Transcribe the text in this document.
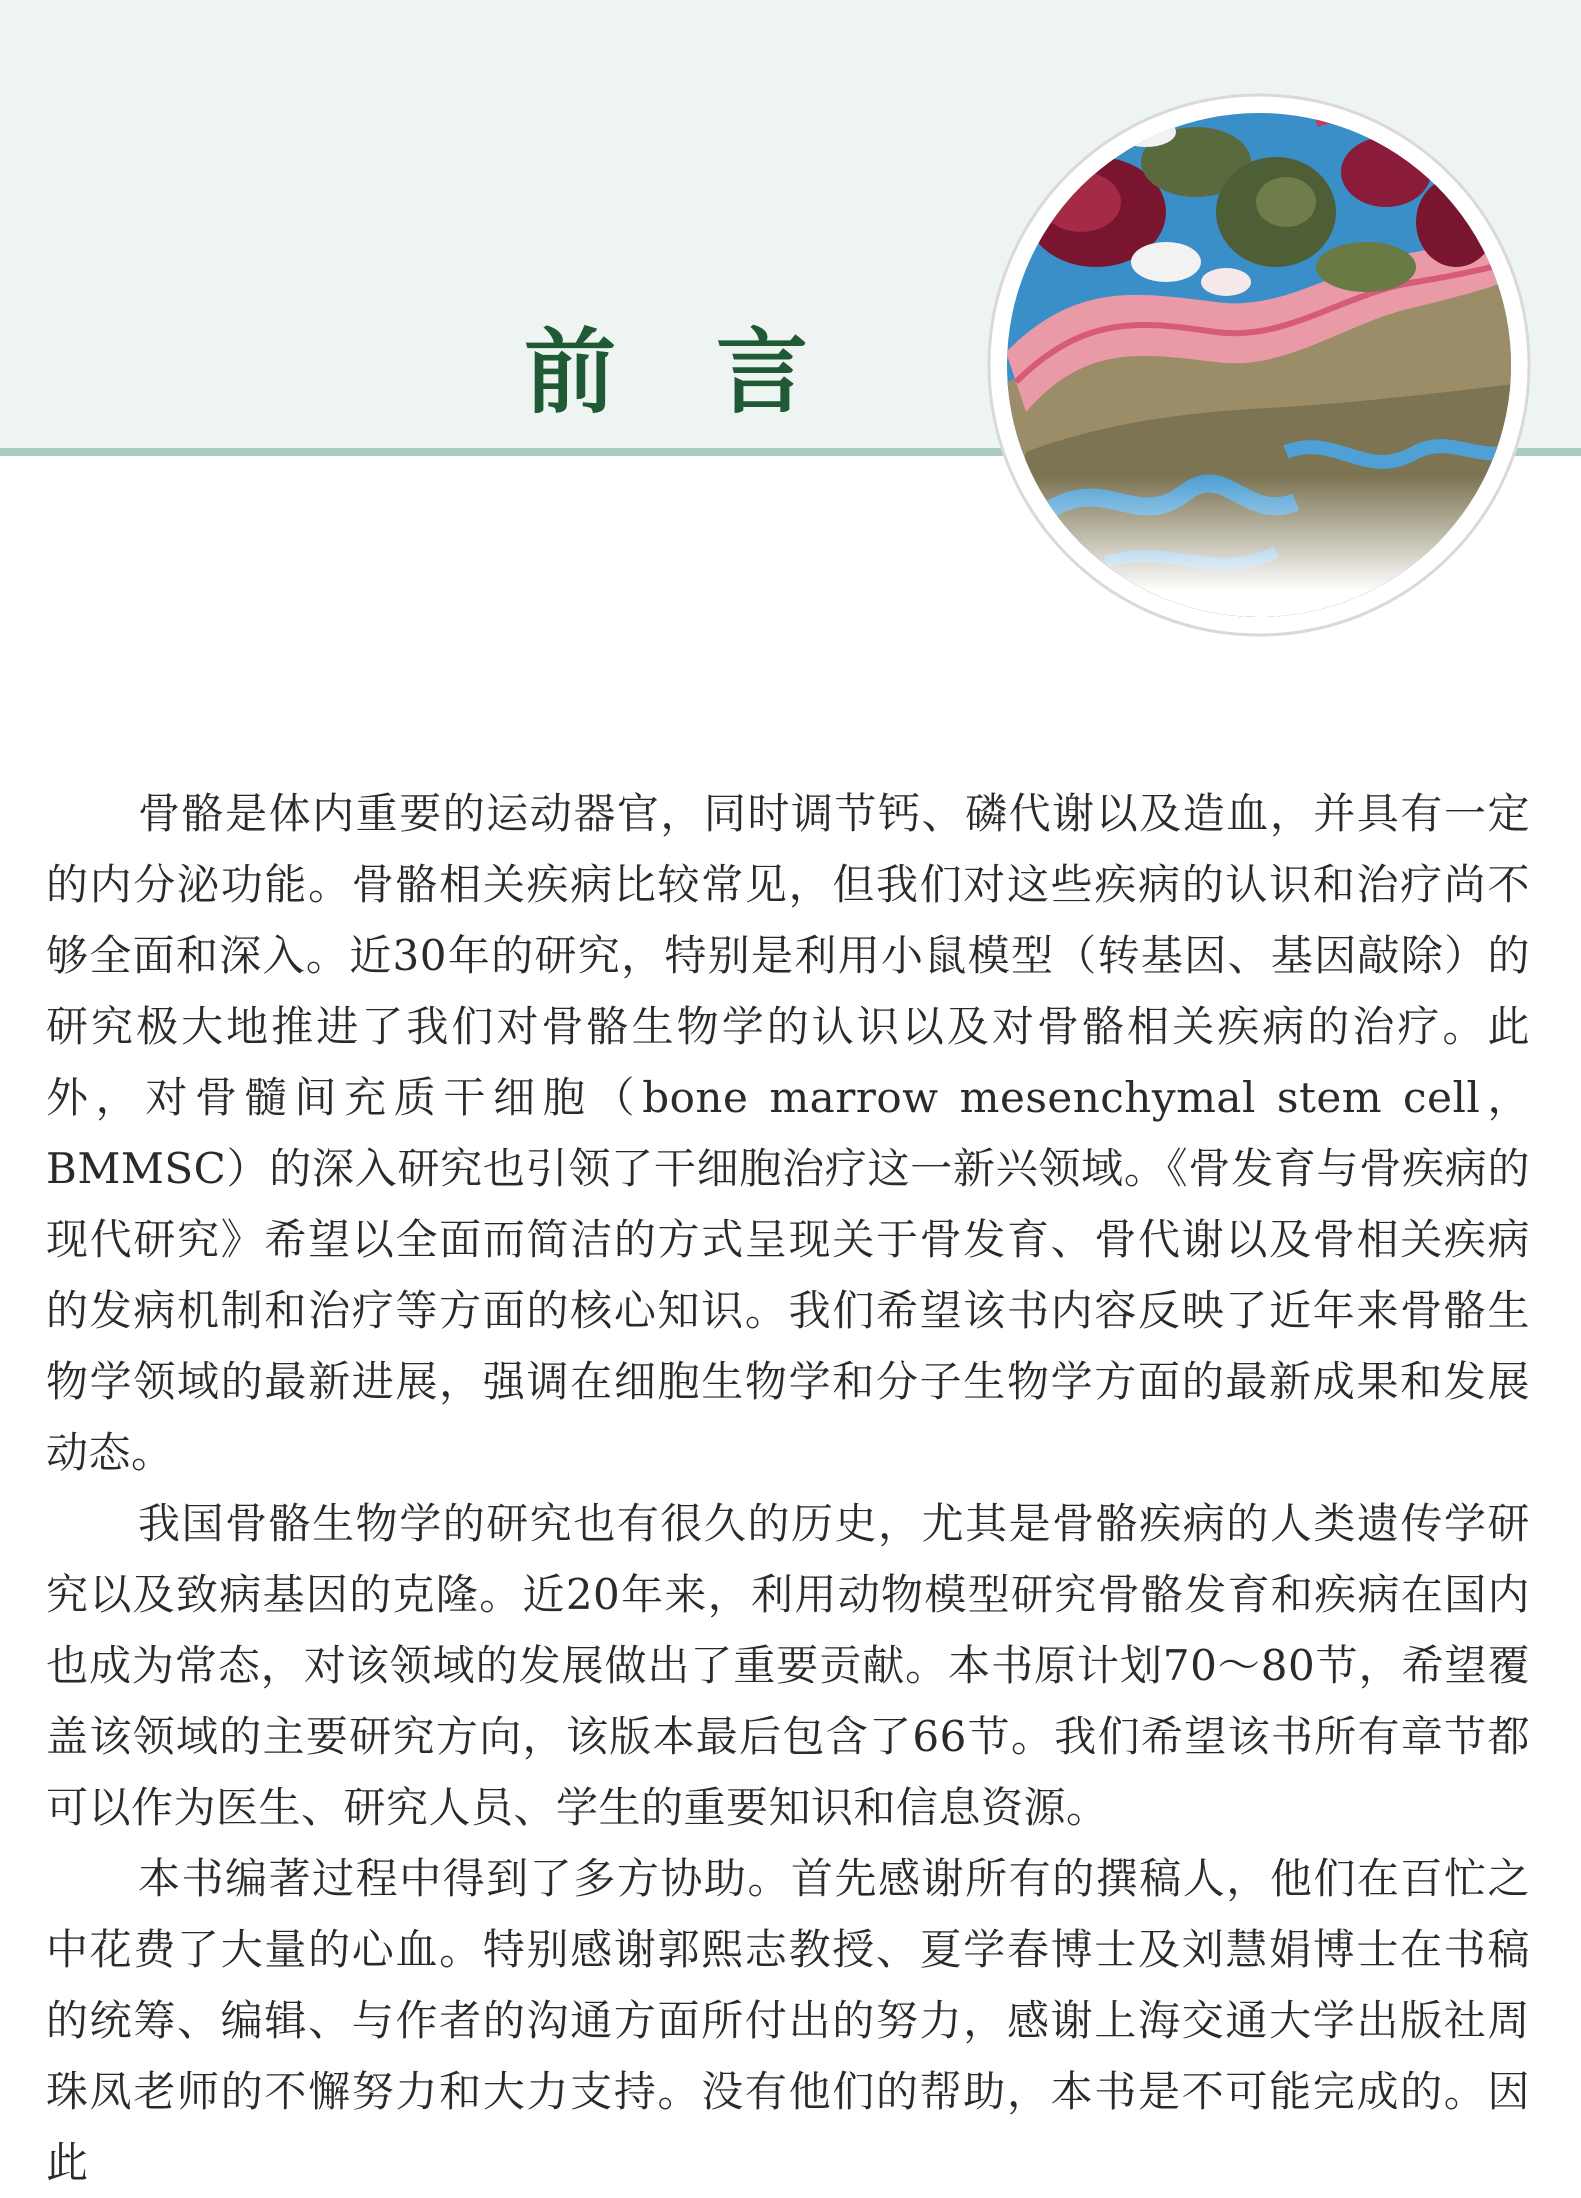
前 言

骨骼是体内重要的运动器官，同时调节钙、磷代谢以及造血，并具有一定的内分泌功能。骨骼相关疾病比较常见，但我们对这些疾病的认识和治疗尚不够全面和深入。近30年的研究，特别是利用小鼠模型（转基因、基因敲除）的研究极大地推进了我们对骨骼生物学的认识以及对骨骼相关疾病的治疗。此外，对骨髓间充质干细胞（bone marrow mesenchymal stem cell，BMMSC）的深入研究也引领了干细胞治疗这一新兴领域。《骨发育与骨疾病的现代研究》希望以全面而简洁的方式呈现关于骨发育、骨代谢以及骨相关疾病的发病机制和治疗等方面的核心知识。我们希望该书内容反映了近年来骨骼生物学领域的最新进展，强调在细胞生物学和分子生物学方面的最新成果和发展动态。

我国骨骼生物学的研究也有很久的历史，尤其是骨骼疾病的人类遗传学研究以及致病基因的克隆。近20年来，利用动物模型研究骨骼发育和疾病在国内也成为常态，对该领域的发展做出了重要贡献。本书原计划70～80节，希望覆盖该领域的主要研究方向，该版本最后包含了66节。我们希望该书所有章节都可以作为医生、研究人员、学生的重要知识和信息资源。

本书编著过程中得到了多方协助。首先感谢所有的撰稿人，他们在百忙之中花费了大量的心血。特别感谢郭熙志教授、夏学春博士及刘慧娟博士在书稿的统筹、编辑、与作者的沟通方面所付出的努力，感谢上海交通大学出版社周珠凤老师的不懈努力和大力支持。没有他们的帮助，本书是不可能完成的。因此
